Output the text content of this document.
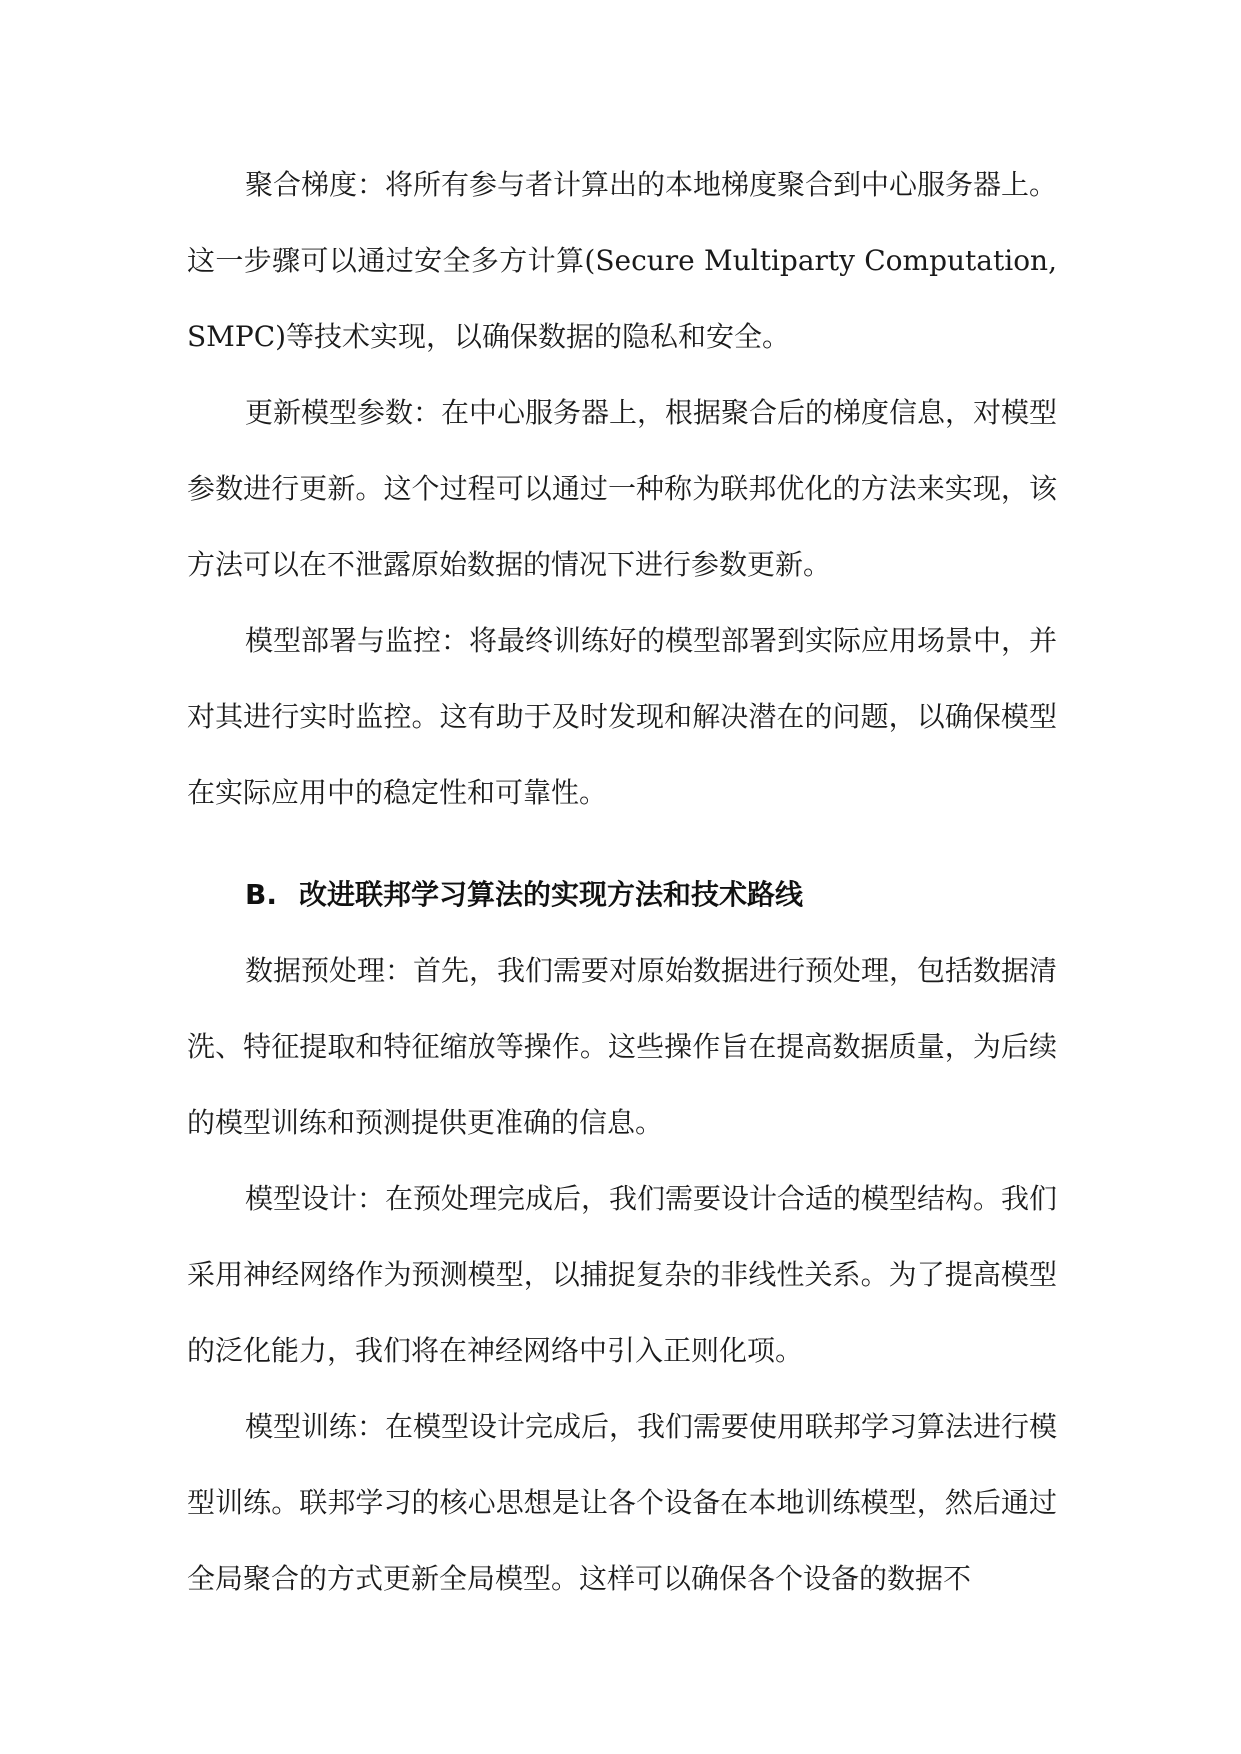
聚合梯度：将所有参与者计算出的本地梯度聚合到中心服务器上。这一步骤可以通过安全多方计算(Secure Multiparty Computation, SMPC)等技术实现，以确保数据的隐私和安全。

更新模型参数：在中心服务器上，根据聚合后的梯度信息，对模型参数进行更新。这个过程可以通过一种称为联邦优化的方法来实现，该方法可以在不泄露原始数据的情况下进行参数更新。

模型部署与监控：将最终训练好的模型部署到实际应用场景中，并对其进行实时监控。这有助于及时发现和解决潜在的问题，以确保模型在实际应用中的稳定性和可靠性。

B. 改进联邦学习算法的实现方法和技术路线

数据预处理：首先，我们需要对原始数据进行预处理，包括数据清洗、特征提取和特征缩放等操作。这些操作旨在提高数据质量，为后续的模型训练和预测提供更准确的信息。

模型设计：在预处理完成后，我们需要设计合适的模型结构。我们采用神经网络作为预测模型，以捕捉复杂的非线性关系。为了提高模型的泛化能力，我们将在神经网络中引入正则化项。

模型训练：在模型设计完成后，我们需要使用联邦学习算法进行模型训练。联邦学习的核心思想是让各个设备在本地训练模型，然后通过全局聚合的方式更新全局模型。这样可以确保各个设备的数据不
